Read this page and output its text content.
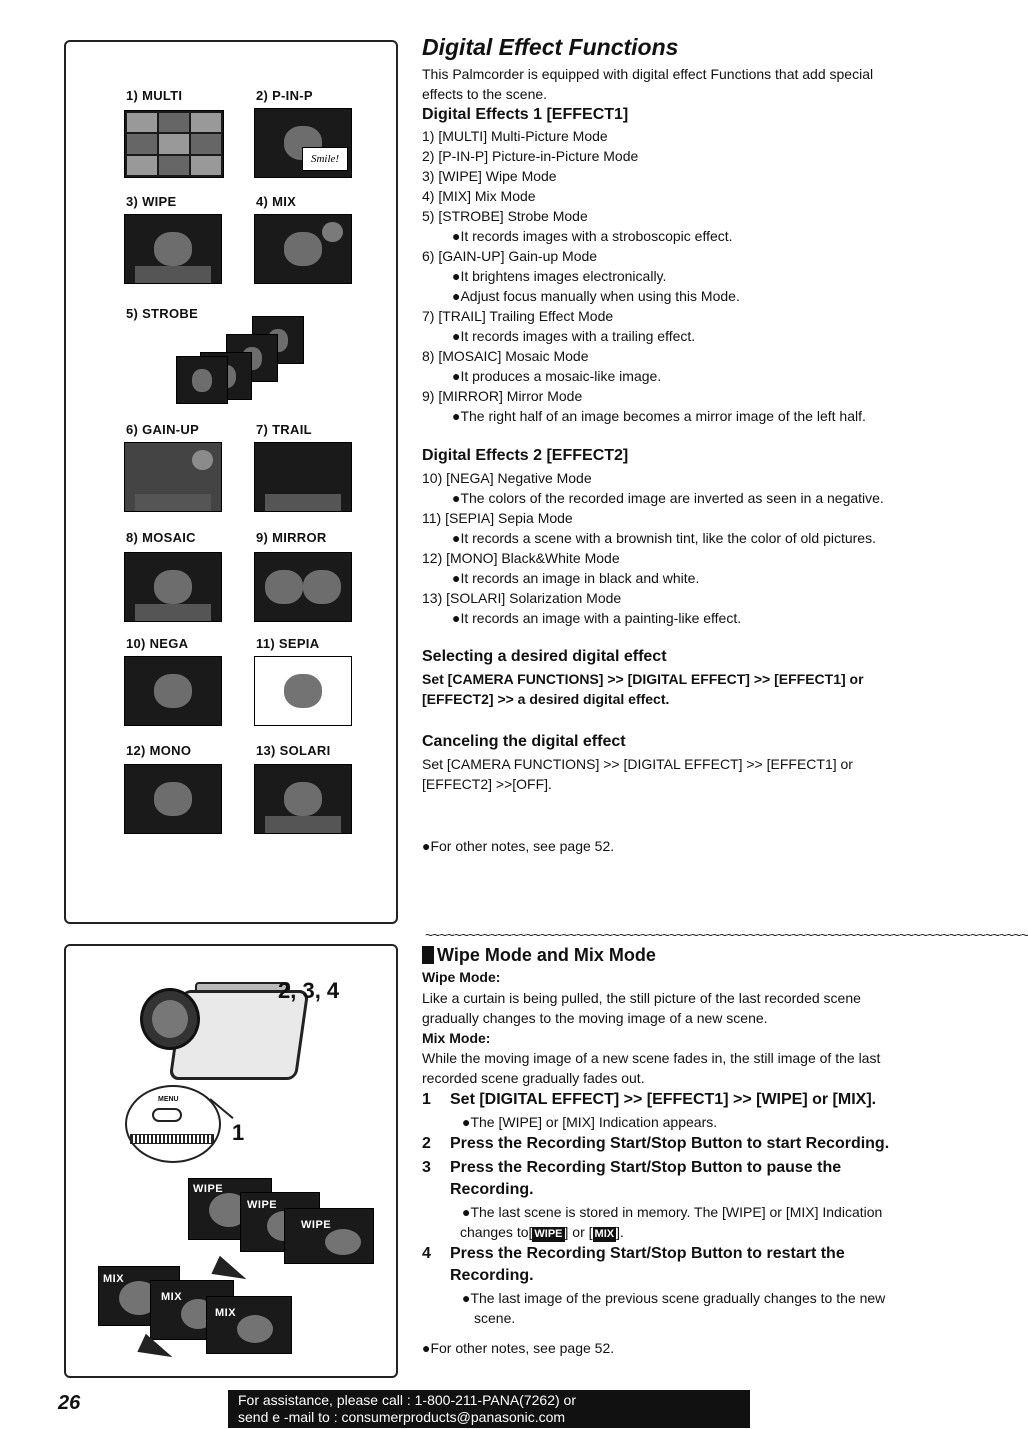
1) MULTI	2) P-IN-P
Smile!
3) WIPE	4) MIX
5) STROBE
6) GAIN-UP	7) TRAIL
8) MOSAIC	9) MIRROR
10) NEGA	11) SEPIA
12) MONO	13) SOLARI
2, 3, 4
MENU
1
WIPE
WIPE
WIPE
MIX
MIX
MIX
Digital Effect Functions
This Palmcorder is equipped with digital effect Functions that add special
effects to the scene.
Digital Effects 1 [EFFECT1]
1) [MULTI] Multi-Picture Mode
2) [P-IN-P] Picture-in-Picture Mode
3) [WIPE] Wipe Mode
4) [MIX] Mix Mode
5) [STROBE] Strobe Mode
●It records images with a stroboscopic effect.
6) [GAIN-UP] Gain-up Mode
●It brightens images electronically.
●Adjust focus manually when using this Mode.
7) [TRAIL] Trailing Effect Mode
●It records images with a trailing effect.
8) [MOSAIC] Mosaic Mode
●It produces a mosaic-like image.
9) [MIRROR] Mirror Mode
●The right half of an image becomes a mirror image of the left half.
Digital Effects 2 [EFFECT2]
10) [NEGA] Negative Mode
●The colors of the recorded image are inverted as seen in a negative.
11) [SEPIA] Sepia Mode
●It records a scene with a brownish tint, like the color of old pictures.
12) [MONO] Black&White Mode
●It records an image in black and white.
13) [SOLARI] Solarization Mode
●It records an image with a painting-like effect.
Selecting a desired digital effect
Set [CAMERA FUNCTIONS] >> [DIGITAL EFFECT] >> [EFFECT1] or
[EFFECT2] >> a desired digital effect.
Canceling the digital effect
Set [CAMERA FUNCTIONS] >> [DIGITAL EFFECT] >> [EFFECT1] or
[EFFECT2] >>[OFF].
●For other notes, see page 52.
~~~~~~~~~~~~~~~~~~~~~~~~~~~~~~~~~~~~~~~~~~~~~~~~~~~~~~~~~~~~~~~~~~~~~~~~~~~~~~~~~~~~
Wipe Mode and Mix Mode
Wipe Mode:
Like a curtain is being pulled, the still picture of the last recorded scene
gradually changes to the moving image of a new scene.
Mix Mode:
While the moving image of a new scene fades in, the still image of the last
recorded scene gradually fades out.
1 Set [DIGITAL EFFECT] >> [EFFECT1] >> [WIPE] or [MIX].
●The [WIPE] or [MIX] Indication appears.
2 Press the Recording Start/Stop Button to start Recording.
3 Press the Recording Start/Stop Button to pause the
Recording.
●The last scene is stored in memory. The [WIPE] or [MIX] Indication
changes to[ WIPE ] or [ MIX ].
4 Press the Recording Start/Stop Button to restart the
Recording.
●The last image of the previous scene gradually changes to the new
scene.
●For other notes, see page 52.
26	For assistance, please call : 1-800-211-PANA(7262) or
send e -mail to : consumerproducts@panasonic.com
